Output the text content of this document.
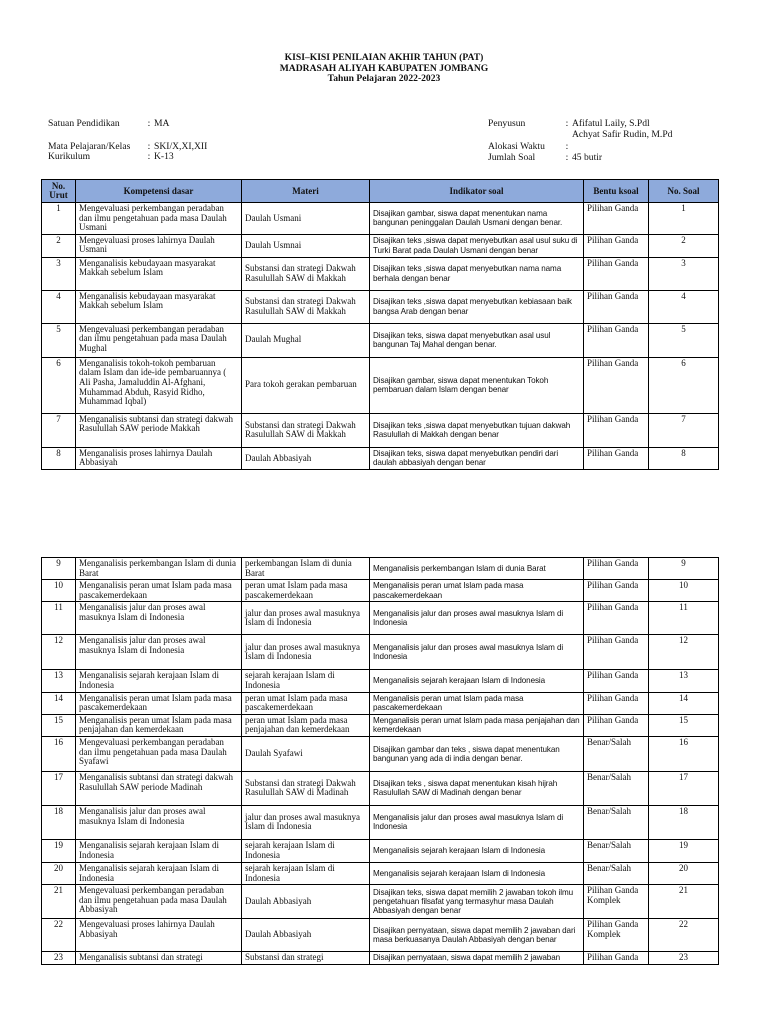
KISI–KISI PENILAIAN AKHIR TAHUN (PAT)
MADRASAH ALIYAH KABUPATEN JOMBANG
Tahun Pelajaran 2022-2023
Satuan Pendidikan	: MA
Mata Pelajaran/Kelas	: SKI/X,XI,XII
Kurikulum	: K-13
Penyusun	: Afifatul Laily, S.Pdl
Achyat Safir Rudin, M.Pd
Alokasi Waktu	:
Jumlah Soal	: 45 butir
No. Urut	Kompetensi dasar	Materi	Indikator soal	Bentu ksoal	No. Soal
1	Mengevaluasi perkembangan peradaban dan ilmu pengetahuan pada masa Daulah Usmani	Daulah Usmani	Disajikan gambar, siswa dapat menentukan nama bangunan peninggalan Daulah Usmani dengan benar.	Pilihan Ganda	1
2	Mengevaluasi proses lahirnya Daulah Usmani	Daulah Usmnai	Disajikan teks ,siswa dapat menyebutkan asal usul suku di Turki Barat pada Daulah Usmani dengan benar	Pilihan Ganda	2
3	Menganalisis kebudayaan masyarakat Makkah sebelum Islam	Substansi dan strategi Dakwah Rasulullah SAW di Makkah	Disajikan teks ,siswa dapat menyebutkan nama nama berhala dengan benar	Pilihan Ganda	3
4	Menganalisis kebudayaan masyarakat Makkah sebelum Islam	Substansi dan strategi Dakwah Rasulullah SAW di Makkah	Disajikan teks ,siswa dapat menyebutkan kebiasaan baik bangsa Arab dengan benar	Pilihan Ganda	4
5	Mengevaluasi perkembangan peradaban dan ilmu pengetahuan pada masa Daulah Mughal	Daulah Mughal	Disajikan teks, siswa dapat menyebutkan asal usul bangunan Taj Mahal dengan benar.	Pilihan Ganda	5
6	Menganalisis tokoh-tokoh pembaruan dalam Islam dan ide-ide pembaruannya ( Ali Pasha, Jamaluddin Al-Afghani, Muhammad Abduh, Rasyid Ridho, Muhammad Iqbal)	Para tokoh gerakan pembaruan	Disajikan gambar, siswa dapat menentukan Tokoh pembaruan dalam Islam dengan benar	Pilihan Ganda	6
7	Menganalisis subtansi dan strategi dakwah Rasulullah SAW periode Makkah	Substansi dan strategi Dakwah Rasulullah SAW di Makkah	Disajikan teks ,siswa dapat menyebutkan tujuan dakwah Rasulullah di Makkah dengan benar	Pilihan Ganda	7
8	Menganalisis proses lahirnya Daulah Abbasiyah	Daulah Abbasiyah	Disajikan teks, siswa dapat menyebutkan pendiri dari daulah abbasiyah dengan benar	Pilihan Ganda	8
9	Menganalisis perkembangan Islam di dunia Barat	perkembangan Islam di dunia Barat	Menganalisis perkembangan Islam di dunia Barat	Pilihan Ganda	9
10	Menganalisis peran umat Islam pada masa pascakemerdekaan	peran umat Islam pada masa pascakemerdekaan	Menganalisis peran umat Islam pada masa pascakemerdekaan	Pilihan Ganda	10
11	Menganalisis jalur dan proses awal masuknya Islam di Indonesia	jalur dan proses awal masuknya Islam di Indonesia	Menganalisis jalur dan proses awal masuknya Islam di Indonesia	Pilihan Ganda	11
12	Menganalisis jalur dan proses awal masuknya Islam di Indonesia	jalur dan proses awal masuknya Islam di Indonesia	Menganalisis jalur dan proses awal masuknya Islam di Indonesia	Pilihan Ganda	12
13	Menganalisis sejarah kerajaan Islam di Indonesia	sejarah kerajaan Islam di Indonesia	Menganalisis sejarah kerajaan Islam di Indonesia	Pilihan Ganda	13
14	Menganalisis peran umat Islam pada masa pascakemerdekaan	peran umat Islam pada masa pascakemerdekaan	Menganalisis peran umat Islam pada masa pascakemerdekaan	Pilihan Ganda	14
15	Menganalisis peran umat Islam pada masa penjajahan dan kemerdekaan	peran umat Islam pada masa penjajahan dan kemerdekaan	Menganalisis peran umat Islam pada masa penjajahan dan kemerdekaan	Pilihan Ganda	15
16	Mengevaluasi perkembangan peradaban dan ilmu pengetahuan pada masa Daulah Syafawi	Daulah Syafawi	Disajikan gambar dan teks , siswa dapat menentukan bangunan yang ada di india dengan benar.	Benar/Salah	16
17	Menganalisis subtansi dan strategi dakwah Rasulullah SAW periode Madinah	Substansi dan strategi Dakwah Rasulullah SAW di Madinah	Disajikan teks , siswa dapat menentukan kisah hijrah Rasulullah SAW di Madinah dengan benar	Benar/Salah	17
18	Menganalisis jalur dan proses awal masuknya Islam di Indonesia	jalur dan proses awal masuknya Islam di Indonesia	Menganalisis jalur dan proses awal masuknya Islam di Indonesia	Benar/Salah	18
19	Menganalisis sejarah kerajaan Islam di Indonesia	sejarah kerajaan Islam di Indonesia	Menganalisis sejarah kerajaan Islam di Indonesia	Benar/Salah	19
20	Menganalisis sejarah kerajaan Islam di Indonesia	sejarah kerajaan Islam di Indonesia	Menganalisis sejarah kerajaan Islam di Indonesia	Benar/Salah	20
21	Mengevaluasi perkembangan peradaban dan ilmu pengetahuan pada masa Daulah Abbasiyah	Daulah Abbasiyah	Disajikan teks, siswa dapat memilih 2 jawaban tokoh ilmu pengetahuan filsafat yang termasyhur masa Daulah Abbasiyah dengan benar	Pilihan Ganda Komplek	21
22	Mengevaluasi proses lahirnya Daulah Abbasiyah	Daulah Abbasiyah	Disajikan pernyataan, siswa dapat memilih 2 jawaban dari masa berkuasanya Daulah Abbasiyah dengan benar	Pilihan Ganda Komplek	22
23	Menganalisis subtansi dan strategi	Substansi dan strategi	Disajikan pernyataan, siswa dapat memilih 2 jawaban	Pilihan Ganda	23
